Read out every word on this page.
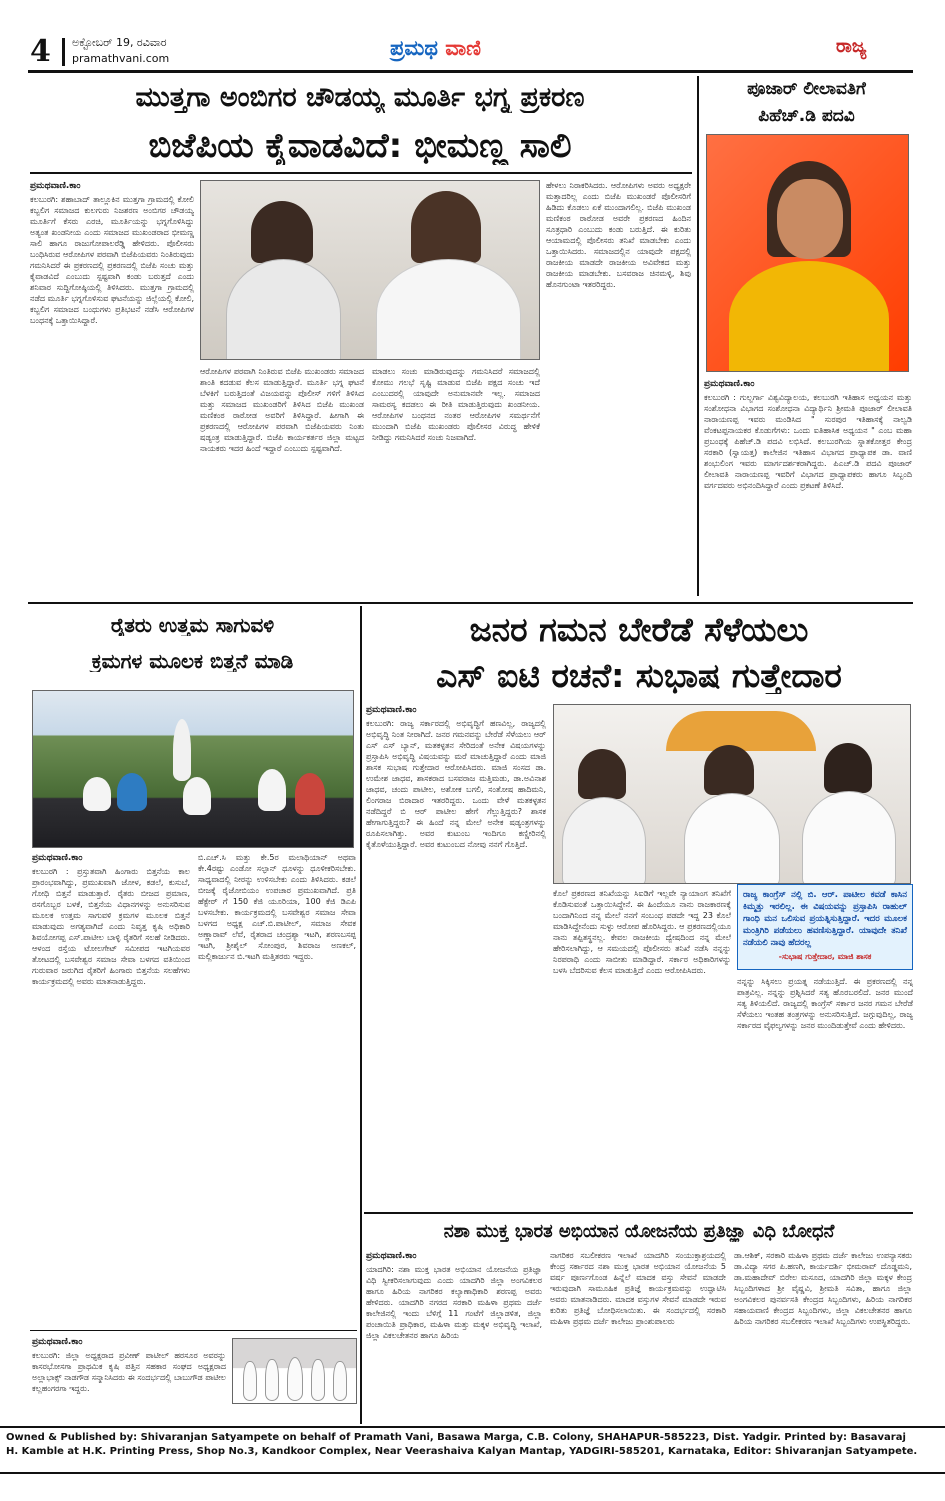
4 ಅಕ್ಟೋಬರ್ 19, ರವಿವಾರ
pramathvani.com	ಪ್ರಮಥ ವಾಣಿ	ರಾಜ್ಯ
ಮುತ್ತಗಾ ಅಂಬಿಗರ ಚೌಡಯ್ಯ ಮೂರ್ತಿ ಭಗ್ನ ಪ್ರಕರಣ
ಬಿಜೆಪಿಯ ಕೈವಾಡವಿದೆ: ಭೀಮಣ್ಣ ಸಾಲಿ
ಪ್ರಮಥವಾಣಿ.ಕಾಂ
ಕಲಬುರಗಿ: ಶಹಾಬಾದ್ ತಾಲ್ಲೂಕಿನ ಮುತ್ತಗಾ ಗ್ರಾಮದಲ್ಲಿ ಕೋಲಿ ಕಬ್ಬಲಿಗ ಸಮಾಜದ ಕುಲಗುರು ನಿಜಶರಣ ಅಂಬಿಗರ ಚೌಡಯ್ಯ ಮೂರ್ತಿಗೆ ಕೆಸರು ಎರಚಿ, ಮೂರ್ತಿಯನ್ನು ಭಗ್ನಗೊಳಿಸಿದ್ದು ಅತ್ಯಂತ ಖಂಡನೀಯ ಎಂದು ಸಮಾಜದ ಮುಖಂಡರಾದ ಭೀಮಣ್ಣ ಸಾಲಿ ಹಾಗೂ ರಾಜುಗೋಪಾಲರೆಡ್ಡಿ ಹೇಳಿದರು. ಪೊಲೀಸರು ಬಂಧಿಸಿರುವ ಆರೋಪಿಗಳ ಪರವಾಗಿ ಬಿಜೆಪಿಯವರು ನಿಂತಿರುವುದು ಗಮನಿಸಿದರೆ ಈ ಪ್ರಕರಣದಲ್ಲಿ ಪ್ರಕರಣದಲ್ಲಿ ಬಿಜೆಪಿ ಸಂಚು ಮತ್ತು ಕೈವಾಡವಿದೆ ಎಂಬುದು ಸ್ಪಷ್ಟವಾಗಿ ಕಂಡು ಬರುತ್ತದೆ ಎಂದು ಶನಿವಾರ ಸುದ್ದಿಗೋಷ್ಠಿಯಲ್ಲಿ ತಿಳಿಸಿದರು. ಮುತ್ತಗಾ ಗ್ರಾಮದಲ್ಲಿ ನಡೆದ ಮೂರ್ತಿ ಭಗ್ನಗೊಳಿಸುವ ಘಟನೆಯನ್ನು ಜಿಲ್ಲೆಯಲ್ಲಿ ಕೋಲಿ, ಕಬ್ಬಲಿಗ ಸಮಾಜದ ಬಂಧುಗಳು ಪ್ರತಿಭಟನೆ ನಡೆಸಿ ಆರೋಪಿಗಳ ಬಂಧನಕ್ಕೆ ಒತ್ತಾಯಿಸಿದ್ದಾರೆ.
ಆರೋಪಿಗಳ ಪರವಾಗಿ ನಿಂತಿರುವ ಬಿಜೆಪಿ ಮುಖಂಡರು ಸಮಾಜದ ಶಾಂತಿ ಕದಡುವ ಕೆಲಸ ಮಾಡುತ್ತಿದ್ದಾರೆ. ಮೂರ್ತಿ ಭಗ್ನ ಘಟನೆ ಬೆಳಕಿಗೆ ಬರುತ್ತಿದಂತೆ ವಿಜಯವನ್ನು ಪೊಲೀಸ್ ಗಳಿಗೆ ತಿಳಿಸಿದ ಮತ್ತು ಸಮಾಜದ ಮುಖಂಡರಿಗೆ ತಿಳಿಸಿದ ಬಿಜೆಪಿ ಮುಖಂಡ ಮಣಿಕಂಠ ರಾಠೋಡ ಅವರಿಗೆ ತಿಳಿಸಿದ್ದಾರೆ. ಹೀಗಾಗಿ ಈ ಪ್ರಕರಣದಲ್ಲಿ ಆರೋಪಿಗಳ ಪರವಾಗಿ ಬಿಜೆಪಿಯವರು ನಿಂತು ಷಡ್ಯಂತ್ರ ಮಾಡುತ್ತಿದ್ದಾರೆ. ಬಿಜೆಪಿ ಕಾರ್ಯಕರ್ತರ ಜಿಲ್ಲಾ ಮಟ್ಟದ ನಾಯಕರು ಇದರ ಹಿಂದೆ ಇದ್ದಾರೆ ಎಂಬುದು ಸ್ಪಷ್ಟವಾಗಿದೆ.
ಮಾಡಲು ಸಂಚು ಮಾಡಿರುವುದನ್ನು ಗಮನಿಸಿದರೆ ಸಮಾಜದಲ್ಲಿ ಕೋಮು ಗಲಭೆ ಸೃಷ್ಟಿ ಮಾಡುವ ಬಿಜೆಪಿ ಪಕ್ಷದ ಸಂಚು ಇದೆ ಎಂಬುದರಲ್ಲಿ ಯಾವುದೇ ಅನುಮಾನವೇ ಇಲ್ಲ. ಸಮಾಜದ ಸಾಮರಸ್ಯ ಕದಡಲು ಈ ರೀತಿ ಮಾಡುತ್ತಿರುವುದು ಖಂಡನೀಯ. ಆರೋಪಿಗಳ ಬಂಧನದ ನಂತರ ಆರೋಪಿಗಳ ಸಮರ್ಥನೆಗೆ ಮುಂದಾಗಿ ಬಿಜೆಪಿ ಮುಖಂಡರು ಪೊಲೀಸರ ವಿರುದ್ಧ ಹೇಳಿಕೆ ನೀಡಿದ್ದು ಗಮನಿಸಿದರೆ ಸಂಚು ನಿಜವಾಗಿದೆ.
ಹೇಳಲು ನಿರಾಕರಿಸಿದರು. ಆರೋಪಿಗಳು ಅವರು ಅಧ್ಯಕ್ಷರೇ ಮತ್ತಾದರಿಲ್ಲ ಎಂದು ಬಿಜೆಪಿ ಮುಖಂಡರೆ ಪೊಲೀಸರಿಗೆ ಹಿಡಿದು ಕೊಡಲು ಏಕೆ ಮುಂದಾಗಲಿಲ್ಲ. ಬಿಜೆಪಿ ಮುಖಂಡ ಮಣಿಕಂಠ ರಾಠೋಡ ಅವರೇ ಪ್ರಕರಣದ ಹಿಂದಿನ ಸೂತ್ರಧಾರಿ ಎಂಬುದು ಕಂಡು ಬರುತ್ತಿದೆ. ಈ ಕುರಿತು ಆಯಾಮದಲ್ಲಿ ಪೊಲೀಸರು ತನಿಖೆ ಮಾಡಬೇಕು ಎಂದು ಒತ್ತಾಯಿಸಿದರು. ಸಮಾಜದಲ್ಲಿನ ಯಾವುದೇ ಪಕ್ಷದಲ್ಲಿ ರಾಜಕೀಯ ಮಾಡದೇ ರಾಜಕೀಯ ಅವಿವೇಕದ ಮತ್ತು ರಾಜಕೀಯ ಮಾಡಬೇಕು. ಬಸವರಾಜ ಚಿನಮಳ್ಳಿ, ಶಿವು ಹೊನಗುಂಟಾ ಇತರರಿದ್ದರು.
ಪೂಜಾರ್ ಲೀಲಾವತಿಗೆ
ಪಿಹೆಚ್.ಡಿ ಪದವಿ
ಪ್ರಮಥವಾಣಿ.ಕಾಂ
ಕಲಬುರಗಿ : ಗುಲ್ಬರ್ಗಾ ವಿಶ್ವವಿದ್ಯಾಲಯ, ಕಲಬುರಗಿ ಇತಿಹಾಸ ಅಧ್ಯಯನ ಮತ್ತು ಸಂಶೋಧನಾ ವಿಭಾಗದ ಸಂಶೋಧನಾ ವಿದ್ಯಾರ್ಥಿನಿ ಶ್ರೀಮತಿ ಪೂಜಾರ್ ಲೀಲಾವತಿ ನಾರಾಯಣಪ್ಪ ಇವರು ಮಂಡಿಸಿದ " ಸುರಪುರ ಇತಿಹಾಸಕ್ಕೆ ನಾಲ್ವಡಿ ವೆಂಕಟಪ್ಪನಾಯಕರ ಕೊಡುಗೆಗಳು: ಒಂದು ಐತಿಹಾಸಿಕ ಅಧ್ಯಯನ " ಎಂಬ ಮಹಾ ಪ್ರಬಂಧಕ್ಕೆ ಪಿಹೆಚ್.ಡಿ ಪದವಿ ಲಭಿಸಿದೆ. ಕಲಬುರಗಿಯ ಸ್ನಾತಕೋತ್ತರ ಕೇಂದ್ರ ಸರಕಾರಿ (ಸ್ವಾಯತ್ತ) ಕಾಲೇಜಿನ ಇತಿಹಾಸ ವಿಭಾಗದ ಪ್ರಾಧ್ಯಾಪಕ ಡಾ. ವಾಣಿ ಶಂಭುಲಿಂಗ ಇವರು ಮಾರ್ಗದರ್ಶಕರಾಗಿದ್ದರು. ಪಿಎಚ್.ಡಿ ಪದವಿ ಪೂಜಾರ್ ಲೀಲಾವತಿ ನಾರಾಯಣಪ್ಪ ಇವರಿಗೆ ವಿಭಾಗದ ಪ್ರಾಧ್ಯಾಪಕರು ಹಾಗೂ ಸಿಬ್ಬಂದಿ ವರ್ಗದವರು ಅಭಿನಂದಿಸಿದ್ದಾರೆ ಎಂದು ಪ್ರಕಟಣೆ ತಿಳಿಸಿದೆ.
ರೈತರು ಉತ್ತಮ ಸಾಗುವಳಿ
ಕ್ರಮಗಳ ಮೂಲಕ ಬಿತ್ತನೆ ಮಾಡಿ
ಪ್ರಮಥವಾಣಿ.ಕಾಂ
ಕಲಬುರಗಿ : ಪ್ರಸ್ತುತವಾಗಿ ಹಿಂಗಾರು ಬಿತ್ತನೆಯ ಕಾಲ ಪ್ರಾರಂಭವಾಗಿದ್ದು, ಪ್ರಮುಖವಾಗಿ ಜೋಳ, ಕಡಲೆ, ಕುಸುಬೆ, ಗೋಧಿ ಬಿತ್ತನೆ ಮಾಡುತ್ತಾರೆ. ರೈತರು ಬೀಜದ ಪ್ರಮಾಣ, ರಸಗೊಬ್ಬರ ಬಳಕೆ, ಬಿತ್ತನೆಯ ವಿಧಾನಗಳನ್ನು ಅನುಸರಿಸುವ ಮೂಲಕ ಉತ್ತಮ ಸಾಗುವಳಿ ಕ್ರಮಗಳ ಮೂಲಕ ಬಿತ್ತನೆ ಮಾಡುವುದು ಅಗತ್ಯವಾಗಿದೆ ಎಂದು ನಿವೃತ್ತ ಕೃಷಿ ಅಧಿಕಾರಿ ಶಿವಯೋಗಪ್ಪ ಎಸ್.ಪಾಟೀಲ ಬಾಳ್ಳಿ ರೈತರಿಗೆ ಸಲಹೆ ನೀಡಿದರು. ಆಳಂದ ರಸ್ತೆಯ ಟೋಲಗೇಟ್ ಸಮೀಪದ ಇಟಗಿಯವರ ತೋಟದಲ್ಲಿ ಬಸವೇಶ್ವರ ಸಮಾಜ ಸೇವಾ ಬಳಗದ ವತಿಯಿಂದ ಗುರುವಾರ ಜರುಗಿದ ರೈತರಿಗೆ ಹಿಂಗಾರು ಬಿತ್ತನೆಯ ಸಲಹೆಗಳು ಕಾರ್ಯಕ್ರಮದಲ್ಲಿ ಅವರು ಮಾತನಾಡುತ್ತಿದ್ದರು.
ಬಿ.ಎಚ್.ಸಿ ಮತ್ತು ಕೇ.5ರ ಮಲಾಥಿಯಾನ್ ಅಥವಾ ಕೇ.4ರಷ್ಟು ಎಂಡೋ ಸಲ್ಫಾನ್ ಧೂಳನ್ನು ಧೂಳೀಕರಿಸಬೇಕು. ಸಾಧ್ಯವಾದಲ್ಲಿ ನೀರನ್ನು ಉಳಿಸಬೇಕು ಎಂದು ತಿಳಿಸಿದರು. ಕಡಲೆ ಬೀಜಕ್ಕೆ ರೈಜೋಬಿಯಂ ಉಪಚಾರ ಪ್ರಮುಖವಾಗಿದೆ. ಪ್ರತಿ ಹೆಕ್ಟೇರ್ ಗೆ 150 ಕೆಜಿ ಯೂರಿಯಾ, 100 ಕೆಜಿ ಡಿಎಪಿ ಬಳಸಬೇಕು. ಕಾರ್ಯಕ್ರಮದಲ್ಲಿ ಬಸವೇಶ್ವರ ಸಮಾಜ ಸೇವಾ ಬಳಗದ ಅಧ್ಯಕ್ಷ ಎಚ್.ಬಿ.ಪಾಟೀಲ್, ಸಮಾಜ ಸೇವಕ ಅಣ್ಣಾರಾವ್ ಲೆವೆ, ರೈತರಾದ ಚಂದ್ರಶ್ಯಾ ಇಟಗಿ, ಶರಣಬಸಪ್ಪ ಇಟಗಿ, ಶ್ರೀಶೈಲ್ ಸೋಂಪುರ, ಶಿವರಾಜ ಅಣಕಲ್, ಮಲ್ಲಿಕಾರ್ಜುನ ಬಿ.ಇಟಗಿ ಮತ್ತಿತರರು ಇದ್ದರು.
ಪ್ರಮಥವಾಣಿ.ಕಾಂ
ಕಲಬುರಗಿ: ಜಿಲ್ಲಾ ಅಧ್ಯಕ್ಷರಾದ ಪ್ರವೀಣ್ ಪಾಟೀಲ್ ಹರಸೂರ ಅವರನ್ನು ಕಾಸರಭೋಸಗಾ ಪ್ರಾಥಮಿಕ ಕೃಷಿ ಪತ್ತಿನ ಸಹಕಾರ ಸಂಘದ ಅಧ್ಯಕ್ಷರಾದ ಅಲ್ಲಾಭಾಕ್ಸ್ ನಾಡಗೌಡ ಸನ್ಮಾನಿಸಿದರು ಈ ಸಂದರ್ಭದಲ್ಲಿ ಬಾಬುಗೌಡ ಪಾಟೀಲ ಕಲ್ಲಹಂಗರಗಾ ಇದ್ದರು.
ಜನರ ಗಮನ ಬೇರೆಡೆ ಸೆಳೆಯಲು
ಎಸ್ ಐಟಿ ರಚನೆ: ಸುಭಾಷ ಗುತ್ತೇದಾರ
ಪ್ರಮಥವಾಣಿ.ಕಾಂ
ಕಲಬುರಗಿ: ರಾಜ್ಯ ಸರ್ಕಾರದಲ್ಲಿ ಅಭಿವೃದ್ಧಿಗೆ ಹಣವಿಲ್ಲ, ರಾಜ್ಯದಲ್ಲಿ ಅಭಿವೃದ್ಧಿ ನಿಂತ ನೀರಾಗಿದೆ. ಜನರ ಗಮನವನ್ನು ಬೇರೆಡೆ ಸೆಳೆಯಲು ಆರ್ ಎಸ್ ಎಸ್ ಬ್ಯಾನ್, ಮತಕಳ್ಳತನ ಸೇರಿದಂತೆ ಅನೇಕ ವಿಷಯಗಳನ್ನು ಪ್ರಸ್ತಾಪಿಸಿ ಅಭಿವೃದ್ಧಿ ವಿಷಯವನ್ನು ಮರೆ ಮಾಚುತ್ತಿದ್ದಾರೆ ಎಂದು ಮಾಜಿ ಶಾಸಕ ಸುಭಾಷ ಗುತ್ತೇದಾರ ಆರೋಪಿಸಿದರು. ಮಾಜಿ ಸಂಸದ ಡಾ. ಉಮೇಶ ಜಾಧವ, ಶಾಸಕರಾದ ಬಸವರಾಜ ಮತ್ತಿಮಡು, ಡಾ.ಅವಿನಾಶ ಜಾಧವ, ಚಂದು ಪಾಟೀಲ, ಅಶೋಕ ಬಗಲಿ, ಸಂತೋಷ ಹಾದಿಮನಿ, ಲಿಂಗರಾಜ ಬಿರಾದಾರ ಇತರರಿದ್ದರು. ಒಂದು ವೇಳೆ ಮತಕಳ್ಳತನ ನಡೆದಿದ್ದರೆ ಬಿ ಆರ್ ಪಾಟೀಲ ಹೇಗೆ ಗೆಲ್ಲುತ್ತಿದ್ದರು? ಶಾಸಕ ಹೇಗಾಗುತ್ತಿದ್ದರು? ಈ ಹಿಂದೆ ನನ್ನ ಮೇಲೆ ಅನೇಕ ಷಡ್ಯಂತ್ರಗಳನ್ನು ರೂಪಿಸಲಾಗಿತ್ತು. ಅವರ ಕುಟುಂಬ ಇಂದಿಗೂ ಕಣ್ಣೀರಿನಲ್ಲಿ ಕೈತೊಳೆಯುತ್ತಿದ್ದಾರೆ. ಅವರ ಕುಟುಂಬದ ನೋವು ನನಗೆ ಗೊತ್ತಿದೆ.
ಕೊಲೆ ಪ್ರಕರಣದ ತನಿಖೆಯನ್ನು ಸಿಐಡಿಗೆ ಇಲ್ಲವೇ ನ್ಯಾಯಾಂಗ ತನಿಖೆಗೆ ಕೊಡಿಸುವಂತೆ ಒತ್ತಾಯಿಸಿದ್ದೇನೆ. ಈ ಹಿಂದೆಯೂ ನಾನು ರಾಜಕಾರಣಕ್ಕೆ ಬಂದಾಗಿನಿಂದ ನನ್ನ ಮೇಲೆ ನನಗೆ ಸಂಬಂಧ ಪಡದೇ ಇದ್ದ 23 ಕೊಲೆ ಮಾಡಿಸಿದ್ದೇನೆಂದು ಸುಳ್ಳು ಆರೋಪ ಹೊರಿಸಿದ್ದರು. ಆ ಪ್ರಕರಣದಲ್ಲಿಯೂ ನಾನು ತಪ್ಪಿತಸ್ಥನಲ್ಲ. ಕೇವಲ ರಾಜಕೀಯ ದ್ವೇಷದಿಂದ ನನ್ನ ಮೇಲೆ ಹೇರಿಸಲಾಗಿದ್ದು, ಆ ಸಮಯದಲ್ಲಿ ಪೊಲೀಸರು ತನಿಖೆ ನಡೆಸಿ ನನ್ನನ್ನು ನಿರಪರಾಧಿ ಎಂದು ಸಾಬೀತು ಮಾಡಿದ್ದಾರೆ. ಸರ್ಕಾರ ಅಧಿಕಾರಿಗಳನ್ನು ಬಳಸಿ ಬೆದರಿಸುವ ಕೆಲಸ ಮಾಡುತ್ತಿದೆ ಎಂದು ಆರೋಪಿಸಿದರು.
ರಾಜ್ಯ ಕಾಂಗ್ರೆಸ್ ನಲ್ಲಿ ಬಿ. ಆರ್. ಪಾಟೀಲ ಕವಡೆ ಕಾಸಿನ ಕಿಮ್ಮತ್ತು ಇರಲಿಲ್ಲ. ಈ ವಿಷಯವನ್ನು ಪ್ರಸ್ತಾಪಿಸಿ ರಾಹುಲ್ ಗಾಂಧಿ ಮನ ಒಲಿಸುವ ಪ್ರಯತ್ನಿಸುತ್ತಿದ್ದಾರೆ. ಇದರ ಮೂಲಕ ಮಂತ್ರಿಗಿರಿ ಪಡೆಯಲು ಹವಣಿಸುತ್ತಿದ್ದಾರೆ. ಯಾವುದೇ ತನಿಖೆ ನಡೆಯಲಿ ನಾವು ಹೆದರಲ್ಲ
-ಸುಭಾಷ ಗುತ್ತೇದಾರ, ಮಾಜಿ ಶಾಸಕ
ನನ್ನನ್ನು ಸಿಕ್ಕಿಸಲು ಪ್ರಯತ್ನ ನಡೆಯುತ್ತಿದೆ. ಈ ಪ್ರಕರಣದಲ್ಲಿ ನನ್ನ ಪಾತ್ರವಿಲ್ಲ. ನನ್ನನ್ನು ಪ್ರಶ್ನಿಸಿದರೆ ಸತ್ಯ ಹೊರಬರಲಿದೆ. ಜನರ ಮುಂದೆ ಸತ್ಯ ತಿಳಿಯಲಿದೆ. ರಾಜ್ಯದಲ್ಲಿ ಕಾಂಗ್ರೆಸ್ ಸರ್ಕಾರ ಜನರ ಗಮನ ಬೇರೆಡೆ ಸೆಳೆಯಲು ಇಂತಹ ತಂತ್ರಗಳನ್ನು ಅನುಸರಿಸುತ್ತಿದೆ. ಜಗ್ಗುವುದಿಲ್ಲ, ರಾಜ್ಯ ಸರ್ಕಾರದ ವೈಫಲ್ಯಗಳನ್ನು ಜನರ ಮುಂದಿಡುತ್ತೇವೆ ಎಂದು ಹೇಳಿದರು.
ನಶಾ ಮುಕ್ತ ಭಾರತ ಅಭಿಯಾನ ಯೋಜನೆಯ ಪ್ರತಿಜ್ಞಾ ವಿಧಿ ಬೋಧನೆ
ಪ್ರಮಥವಾಣಿ.ಕಾಂ
ಯಾದಗಿರಿ: ನಶಾ ಮುಕ್ತ ಭಾರತ ಅಭಿಯಾನ ಯೋಜನೆಯ ಪ್ರತಿಜ್ಞಾ ವಿಧಿ ಸ್ವೀಕರಿಸಲಾಗುವುದು ಎಂದು ಯಾದಗಿರಿ ಜಿಲ್ಲಾ ಅಂಗವಿಕಲರ ಹಾಗೂ ಹಿರಿಯ ನಾಗರಿಕರ ಕಲ್ಯಾಣಾಧಿಕಾರಿ ಶರಣಪ್ಪ ಅವರು ಹೇಳಿದರು. ಯಾದಗಿರಿ ನಗರದ ಸರಕಾರಿ ಮಹಿಳಾ ಪ್ರಥಮ ದರ್ಜೆ ಕಾಲೇಜಿನಲ್ಲಿ ಇಂದು ಬೆಳಿಗ್ಗೆ 11 ಗಂಟೆಗೆ ಜಿಲ್ಲಾಡಳಿತ, ಜಿಲ್ಲಾ ಪಂಚಾಯಿತಿ ಪ್ರಾಧಿಕಾರ, ಮಹಿಳಾ ಮತ್ತು ಮಕ್ಕಳ ಅಭಿವೃದ್ಧಿ ಇಲಾಖೆ, ಜಿಲ್ಲಾ ವಿಕಲಚೇತನರ ಹಾಗೂ ಹಿರಿಯ
ನಾಗರಿಕರ ಸಬಲೀಕರಣ ಇಲಾಖೆ ಯಾದಗಿರಿ ಸಂಯುಕ್ತಾಶ್ರಯದಲ್ಲಿ ಕೇಂದ್ರ ಸರ್ಕಾರದ ನಶಾ ಮುಕ್ತ ಭಾರತ ಅಭಿಯಾನ ಯೋಜನೆಯ 5 ವರ್ಷ ಪೂರ್ಣಗೊಂಡ ಹಿನ್ನೆಲೆ ಮಾದಕ ವಸ್ತು ಸೇವನೆ ಮಾಡದೇ ಇರುವುದಾಗಿ ಸಾಮೂಹಿಕ ಪ್ರತಿಜ್ಞೆ ಕಾರ್ಯಕ್ರಮವನ್ನು ಉದ್ಘಾಟಿಸಿ ಅವರು ಮಾತನಾಡಿದರು. ಮಾದಕ ವಸ್ತುಗಳ ಸೇವನೆ ಮಾಡದೇ ಇರುವ ಕುರಿತು ಪ್ರತಿಜ್ಞೆ ಬೋಧಿಸಲಾಯಿತು. ಈ ಸಂದರ್ಭದಲ್ಲಿ ಸರಕಾರಿ ಮಹಿಳಾ ಪ್ರಥಮ ದರ್ಜೆ ಕಾಲೇಜು ಪ್ರಾಂಶುಪಾಲರು
ಡಾ.ಆಶಿಕ್, ಸರಕಾರಿ ಮಹಿಳಾ ಪ್ರಥಮ ದರ್ಜೆ ಕಾಲೇಜು ಉಪನ್ಯಾಸಕರು ಡಾ.ವಿದ್ಯಾ ಸಗರ ಪಿ.ಹಣಗಿ, ಕಾರ್ಯದರ್ಶಿ ಭೀಮರಾವ್ ದೊಡ್ಡಮನಿ, ಡಾ.ಮಹಾದೇವ್ ಬಿರೇಲ ಮಸೂದ, ಯಾದಗಿರಿ ಜಿಲ್ಲಾ ಮಕ್ಕಳ ಕೇಂದ್ರ ಸಿಬ್ಬಂದಿಗಳಾದ ಶ್ರೀ ವೈಷ್ಣವಿ, ಶ್ರೀಮತಿ ಸವಿತಾ, ಹಾಗೂ ಜಿಲ್ಲಾ ಅಂಗವಿಕಲರ ಪುನರ್ವಸತಿ ಕೇಂದ್ರದ ಸಿಬ್ಬಂದಿಗಳು, ಹಿರಿಯ ನಾಗರಿಕರ ಸಹಾಯವಾಣಿ ಕೇಂದ್ರದ ಸಿಬ್ಬಂದಿಗಳು, ಜಿಲ್ಲಾ ವಿಕಲಚೇತನರ ಹಾಗೂ ಹಿರಿಯ ನಾಗರಿಕರ ಸಬಲೀಕರಣ ಇಲಾಖೆ ಸಿಬ್ಬಂದಿಗಳು ಉಪಸ್ಥಿತರಿದ್ದರು.
Owned & Published by: Shivaranjan Satyampete on behalf of Pramath Vani, Basawa Marga, C.B. Colony, SHAHAPUR-585223, Dist. Yadgir. Printed by: Basavaraj
H. Kamble at H.K. Printing Press, Shop No.3, Kandkoor Complex, Near Veerashaiva Kalyan Mantap, YADGIRI-585201, Karnataka, Editor: Shivaranjan Satyampete.
